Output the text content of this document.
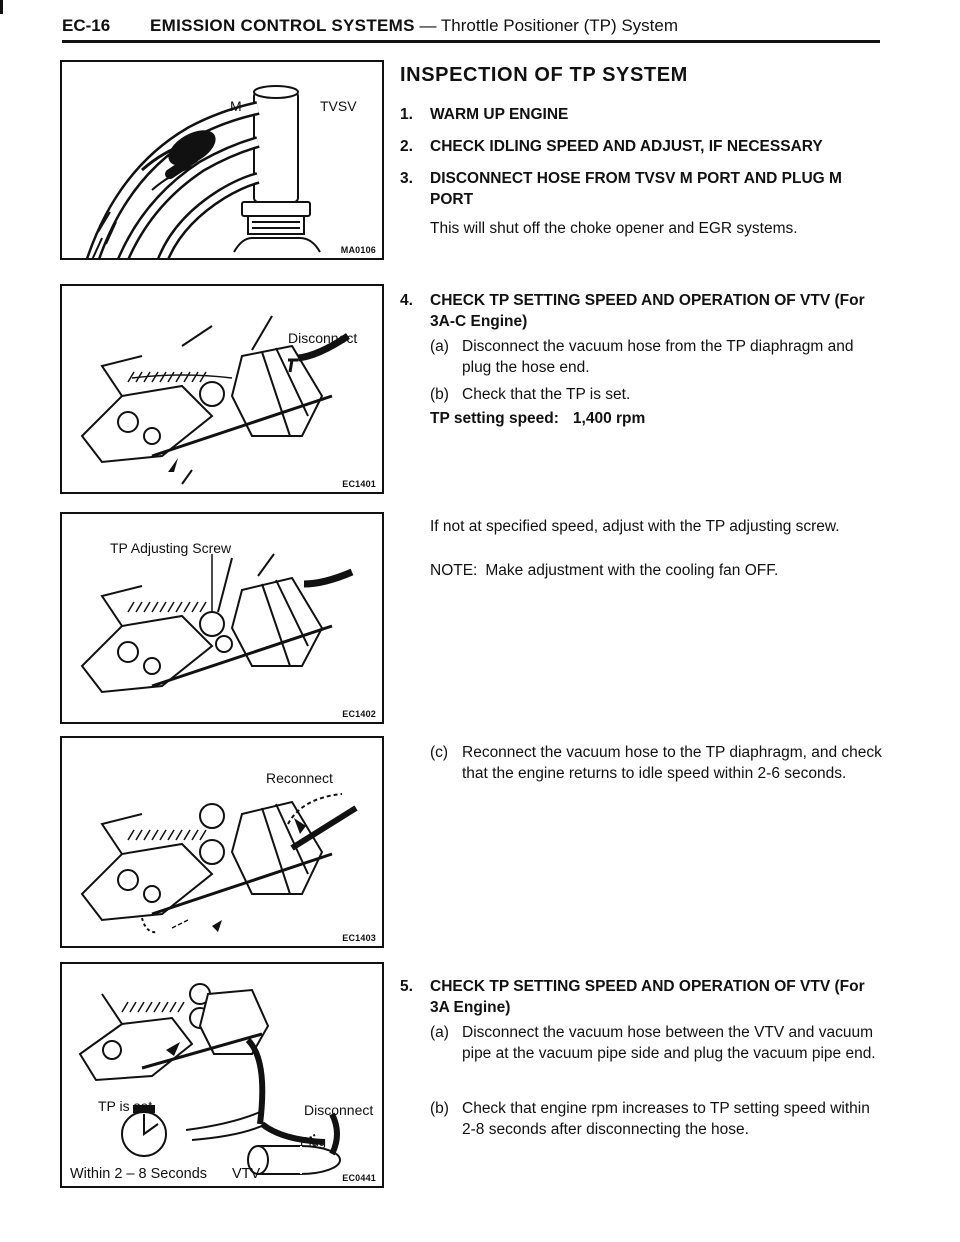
EC-16 EMISSION CONTROL SYSTEMS — Throttle Positioner (TP) System
M	TVSV
MA0106
Disconnect
EC1401
TP Adjusting Screw
EC1402
Reconnect
EC1403
TP is set.	Disconnect
Plug
Within 2 – 8 Seconds VTV	EC0441
INSPECTION OF TP SYSTEM
1.	WARM UP ENGINE
2.	CHECK IDLING SPEED AND ADJUST, IF NECESSARY
3.	DISCONNECT HOSE FROM TVSV M PORT AND PLUG M PORT
This will shut off the choke opener and EGR systems.
4.	CHECK TP SETTING SPEED AND OPERATION OF VTV (For 3A-C Engine)
(a) Disconnect the vacuum hose from the TP diaphragm and plug the hose end.
(b) Check that the TP is set.
TP setting speed: 1,400 rpm
If not at specified speed, adjust with the TP adjusting screw.
NOTE: Make adjustment with the cooling fan OFF.
(c) Reconnect the vacuum hose to the TP diaphragm, and check that the engine returns to idle speed within 2-6 seconds.
5.	CHECK TP SETTING SPEED AND OPERATION OF VTV (For 3A Engine)
(a) Disconnect the vacuum hose between the VTV and vacuum pipe at the vacuum pipe side and plug the vacuum pipe end.
(b) Check that engine rpm increases to TP setting speed within 2-8 seconds after disconnecting the hose.
